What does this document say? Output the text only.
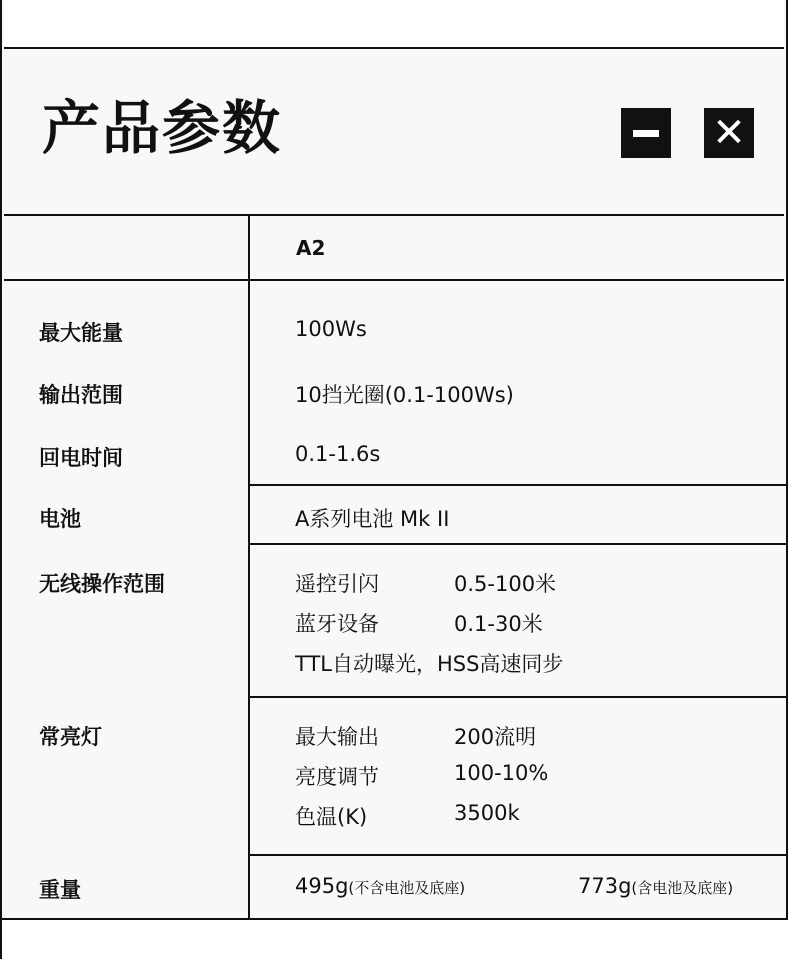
产品参数	✕
A2
最大能量	100Ws
输出范围	10挡光圈(0.1-100Ws)
回电时间	0.1-1.6s
电池	A系列电池 Mk II
无线操作范围	遥控引闪	0.5-100米
蓝牙设备	0.1-30米
TTL自动曝光，HSS高速同步
常亮灯	最大输出	200流明
亮度调节	100-10%
色温(K)	3500k
重量	495g(不含电池及底座)	773g(含电池及底座)
